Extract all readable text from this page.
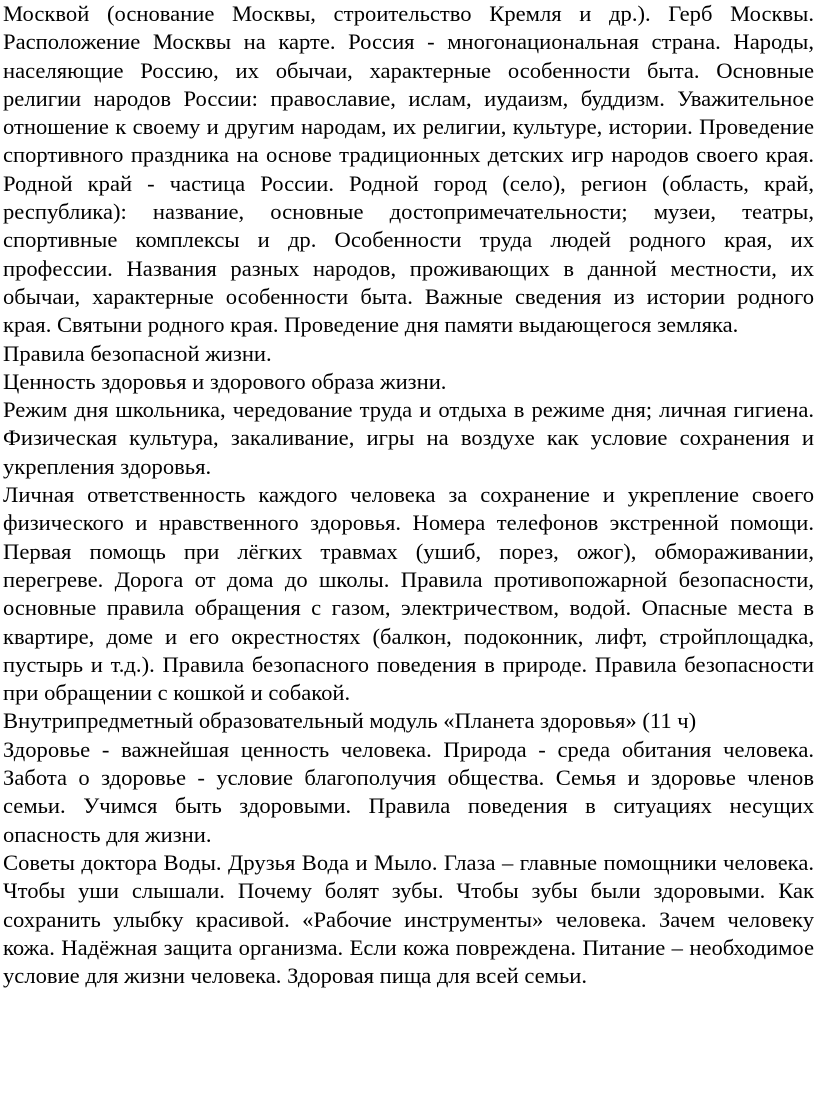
Москвой (основание Москвы, строительство Кремля и др.). Герб Москвы. Расположение Москвы на карте. Россия - многонациональная страна. Народы, населяющие Россию, их обычаи, характерные особенности быта. Основные религии народов России: православие, ислам, иудаизм, буддизм. Уважительное отношение к своему и другим народам, их религии, культуре, истории. Проведение спортивного праздника на основе традиционных детских игр народов своего края. Родной край - частица России. Родной город (село), регион (область, край, республика): название, основные достопримечательности; музеи, театры, спортивные комплексы и др. Особенности труда людей родного края, их профессии. Названия разных народов, проживающих в данной местности, их обычаи, характерные особенности быта. Важные сведения из истории родного края. Святыни родного края. Проведение дня памяти выдающегося земляка.

Правила безопасной жизни.

Ценность здоровья и здорового образа жизни.

Режим дня школьника, чередование труда и отдыха в режиме дня; личная гигиена. Физическая культура, закаливание, игры на воздухе как условие сохранения и укрепления здоровья.

Личная ответственность каждого человека за сохранение и укрепление своего физического и нравственного здоровья. Номера телефонов экстренной помощи. Первая помощь при лёгких травмах (ушиб, порез, ожог), обмораживании, перегреве. Дорога от дома до школы. Правила противопожарной безопасности, основные правила обращения с газом, электричеством, водой. Опасные места в квартире, доме и его окрестностях (балкон, подоконник, лифт, стройплощадка, пустырь и т.д.). Правила безопасного поведения в природе. Правила безопасности при обращении с кошкой и собакой.

Внутрипредметный образовательный модуль «Планета здоровья» (11 ч)

Здоровье - важнейшая ценность человека. Природа - среда обитания человека. Забота о здоровье - условие благополучия общества. Семья и здоровье членов семьи. Учимся быть здоровыми. Правила поведения в ситуациях несущих опасность для жизни.

Советы доктора Воды. Друзья Вода и Мыло. Глаза – главные помощники человека. Чтобы уши слышали. Почему болят зубы. Чтобы зубы были здоровыми. Как сохранить улыбку красивой. «Рабочие инструменты» человека. Зачем человеку кожа. Надёжная защита организма. Если кожа повреждена. Питание – необходимое условие для жизни человека. Здоровая пища для всей семьи.
